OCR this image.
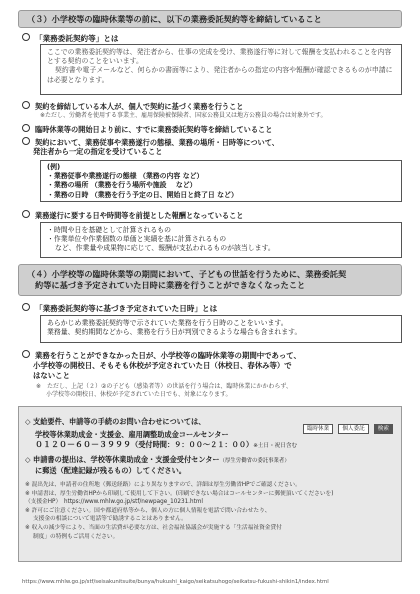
（３）小学校等の臨時休業等の前に、以下の業務委託契約等を締結していること
「業務委託契約等」とは
ここでの業務委託契約等は、発注者から、仕事の完成を受け、業務遂行等に対して報酬を支払われることを内容とする契約のことをいいます。
契約書や電子メールなど、何らかの書面等により、発注者からの指定の内容や報酬が確認できるものが申請には必要となります。
契約を締結している本人が、個人で契約に基づく業務を行うこと
※ただし、労働者を使用する事業主、雇用保険被保険者、国家公務員又は地方公務員の場合は対象外です。
臨時休業等の開始日より前に、すでに業務委託契約等を締結していること
契約において、業務従事や業務遂行の態様、業務の場所・日時等について、
発注者から一定の指定を受けていること
(例)
・業務従事や業務遂行の態様 （業務の内容 など）
・業務の場所 （業務を行う場所や施設　 など）
・業務の日時 （業務を行う予定の日、開始日と終了日 など）
業務遂行に要する日や時間等を前提とした報酬となっていること
・時間や日を基礎として計算されるもの
・作業単位や作業個数の単価と実績を基に計算されるもの
など、作業量や成果物に応じて、報酬が支払われるものが該当します。
（４）小学校等の臨時休業等の期間において、子どもの世話を行うために、業務委託契
約等に基づき予定されていた日時に業務を行うことができなくなったこと
「業務委託契約等に基づき予定されていた日時」とは
あらかじめ業務委託契約等で示されていた業務を行う日時のことをいいます。
業務量、契約期間などから、業務を行う日が判別できるような場合も含まれます。
業務を行うことができなかった日が、小学校等の臨時休業等の期間中であって、
小学校等の開校日、そもそも休校が予定されていた日（休校日、春休み等）で
はないこと
※　ただし、上記（２）②の子ども（感染者等）の世話を行う場合は、臨時休業にかかわらず、
小学校等の開校日、休校が予定されていた日でも、対象になります。
臨時休業 個人委託 検索
◇ 支給要件、申請等の手続のお問い合わせについては、
学校等休業助成金・支援金、雇用調整助成金コールセンター
０１２０－６０－３９９９（受付時間：９：００～２１：００）※土日・祝日含む
◇ 申請書の提出は、学校等休業助成金・支援金受付センター（厚生労働省の委託事業者）
に郵送（配達記録が残るもの）してください。
※ 混出先は、申請者の住所地（郵送経路）により異なりますので、詳細は厚生労働省HPでご確認ください。
※ 申請書は、厚生労働省HPから印刷して使用して下さい。(印刷できない場合はコールセンターに郵便頂いてくださいを)
（支援金HP）　https://www.mhlw.go.jp/stf/newpage_10231.html
※ 許可にご注意ください。国や都道府県等から、個人の方に個人情報を電話で問い合わせたり、
支援金の相談について電話等で勧誘することはありません。
※ 収入の減少等により、当面の生活費が必要な方は、社会福祉協議会が実施する「生活福祉資金貸付
制度」の特例もご活用ください。
https://www.mhlw.go.jp/stf/seisakunitsuite/bunya/hukushi_kaigo/seikatsuhogo/seikatsu-fukushi-shikin1/index.html
